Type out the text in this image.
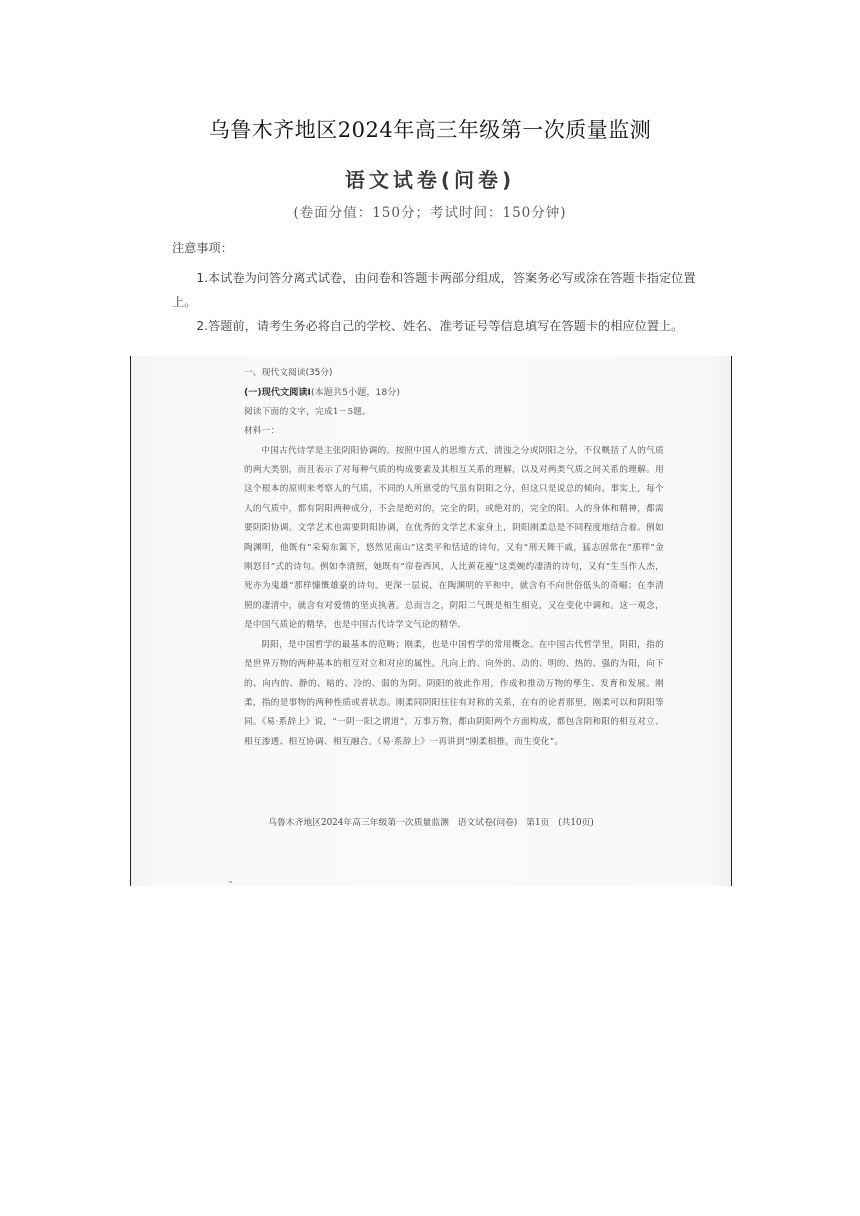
乌鲁木齐地区2024年高三年级第一次质量监测
语文试卷(问卷)
(卷面分值：150分；考试时间：150分钟)
注意事项：
1.本试卷为问答分离式试卷，由问卷和答题卡两部分组成，答案务必写或涂在答题卡指定位置上。
2.答题前，请考生务必将自己的学校、姓名、准考证号等信息填写在答题卡的相应位置上。
一、现代文阅读(35分)
(一)现代文阅读Ⅰ(本题共5小题，18分)

阅读下面的文字，完成1－5题。

材料一：

中国古代诗学是主张阴阳协调的。按照中国人的思维方式，清浊之分或阴阳之分，不仅概括了人的气质的两大类别，而且表示了对每种气质的构成要素及其相互关系的理解，以及对两类气质之间关系的理解。用这个根本的原则来考察人的气质，不同的人所禀受的气虽有阴阳之分，但这只是说总的倾向。事实上，每个人的气质中，都有阴阳两种成分，不会是绝对的，完全的阴，或绝对的，完全的阳。人的身体和精神，都需要阴阳协调。文学艺术也需要阴阳协调，在优秀的文学艺术家身上，阴阳刚柔总是不同程度地结合着。例如陶渊明，他既有“采菊东篱下，悠然见南山”这类平和恬适的诗句，又有“刑天舞干戚，猛志固常在”那样“金刚怒目”式的诗句。例如李清照，她既有“帘卷西风，人比黄花瘦”这类婉约凄清的诗句，又有“生当作人杰，死亦为鬼雄”那样慷慨雄豪的诗句。更深一层说，在陶渊明的平和中，就含有不向世俗低头的奇崛；在李清照的凄清中，就含有对爱情的坚贞执著。总而言之，阴阳二气既是相生相克，又在变化中调和。这一观念，是中国气质论的精华，也是中国古代诗学文气论的精华。

阴阳，是中国哲学的最基本的范畴；刚柔，也是中国哲学的常用概念。在中国古代哲学里，阴阳，指的是世界万物的两种基本的相互对立和对应的属性。凡向上的、向外的、动的、明的、热的、强的为阳，向下的、向内的、静的、暗的、冷的、弱的为阴。阴阳的彼此作用，作成和推动万物的孳生、发育和发展。刚柔，指的是事物的两种性质或者状态。刚柔同阴阳往往有对称的关系，在有的论者那里，刚柔可以和阴阳等同。《易·系辞上》说，“一阴一阳之谓道”，万事万物，都由阴阳两个方面构成，都包含阴和阳的相互对立、相互渗透、相互协调、相互融合。《易·系辞上》一再讲到“刚柔相推，而生变化”。

乌鲁木齐地区2024年高三年级第一次质量监测　语文试卷(问卷)　第1页　(共10页)
